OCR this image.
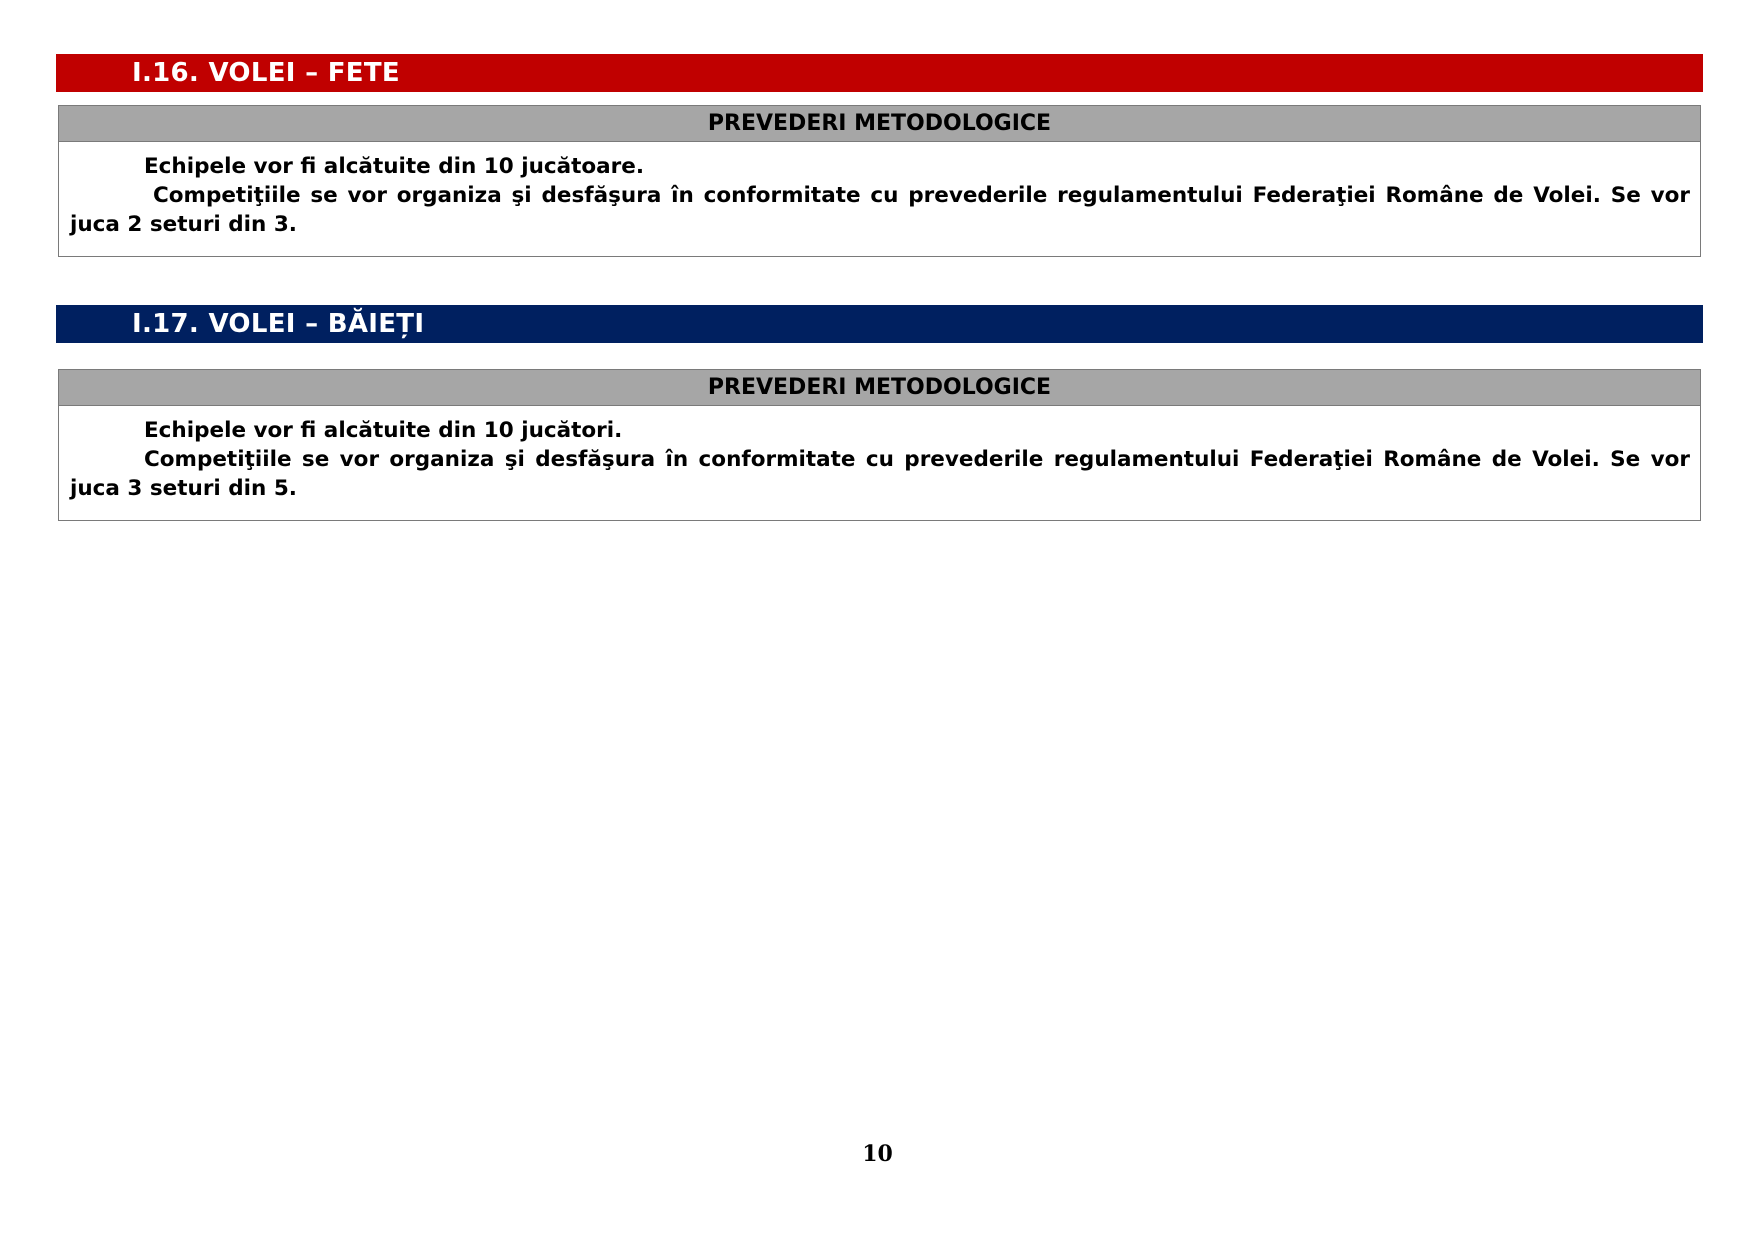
I.16. VOLEI – FETE
PREVEDERI METODOLOGICE

Echipele vor fi alcătuite din 10 jucătoare.

Competiţiile se vor organiza şi desfăşura în conformitate cu prevederile regulamentului Federaţiei Române de Volei. Se vor juca 2 seturi din 3.

I.17. VOLEI – BĂIEȚI
PREVEDERI METODOLOGICE

Echipele vor fi alcătuite din 10 jucători.

Competiţiile se vor organiza şi desfăşura în conformitate cu prevederile regulamentului Federaţiei Române de Volei. Se vor juca 3 seturi din 5.

10
